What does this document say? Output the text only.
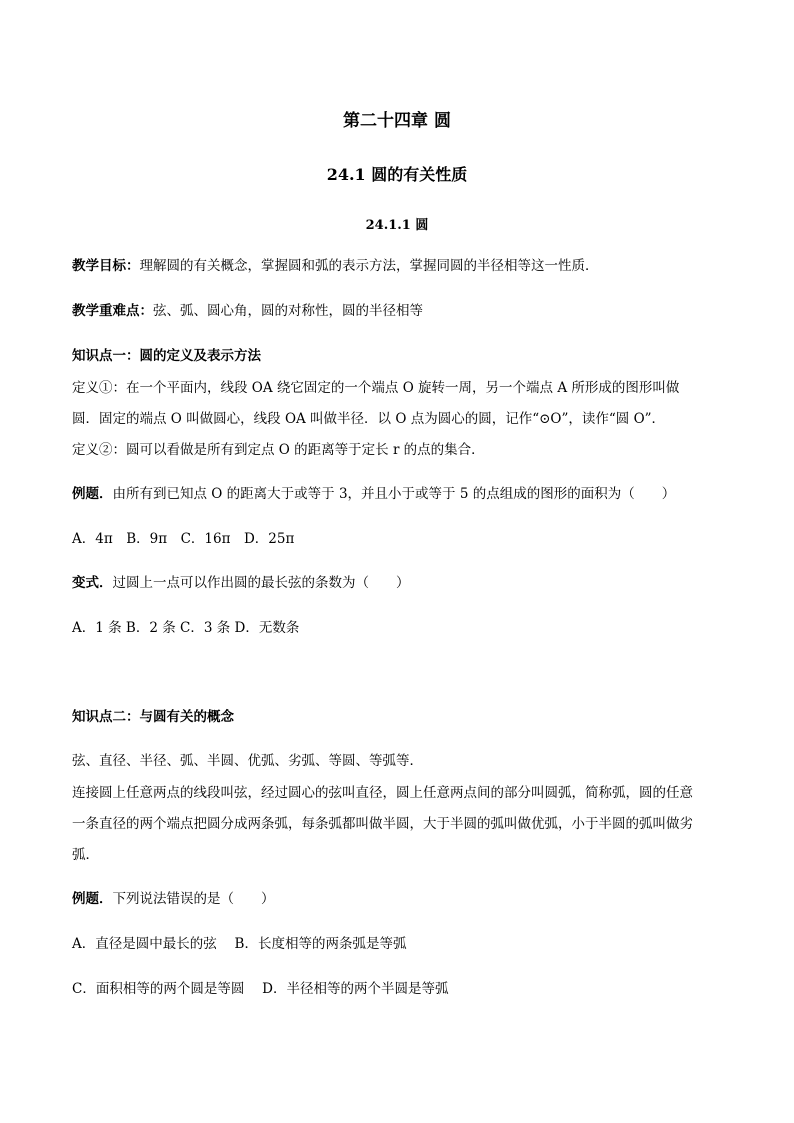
第二十四章 圆
24.1 圆的有关性质
24.1.1 圆
教学目标：理解圆的有关概念，掌握圆和弧的表示方法，掌握同圆的半径相等这一性质．
教学重难点：弦、弧、圆心角，圆的对称性，圆的半径相等
知识点一：圆的定义及表示方法
定义①：在一个平面内，线段 OA 绕它固定的一个端点 O 旋转一周，另一个端点 A 所形成的图形叫做
圆．固定的端点 O 叫做圆心，线段 OA 叫做半径．以 O 点为圆心的圆，记作“⊙O”，读作“圆 O”．
定义②：圆可以看做是所有到定点 O 的距离等于定长 r 的点的集合．
例题．由所有到已知点 O 的距离大于或等于 3，并且小于或等于 5 的点组成的图形的面积为（　　）
A．4π　B．9π　C．16π　D．25π
变式．过圆上一点可以作出圆的最长弦的条数为（　　）
A．1 条 B．2 条 C．3 条 D．无数条
知识点二：与圆有关的概念
弦、直径、半径、弧、半圆、优弧、劣弧、等圆、等弧等．
连接圆上任意两点的线段叫弦，经过圆心的弦叫直径，圆上任意两点间的部分叫圆弧，简称弧，圆的任意
一条直径的两个端点把圆分成两条弧，每条弧都叫做半圆，大于半圆的弧叫做优弧，小于半圆的弧叫做劣
弧．
例题．下列说法错误的是（　　）
A．直径是圆中最长的弦　 B．长度相等的两条弧是等弧
C．面积相等的两个圆是等圆　 D．半径相等的两个半圆是等弧
